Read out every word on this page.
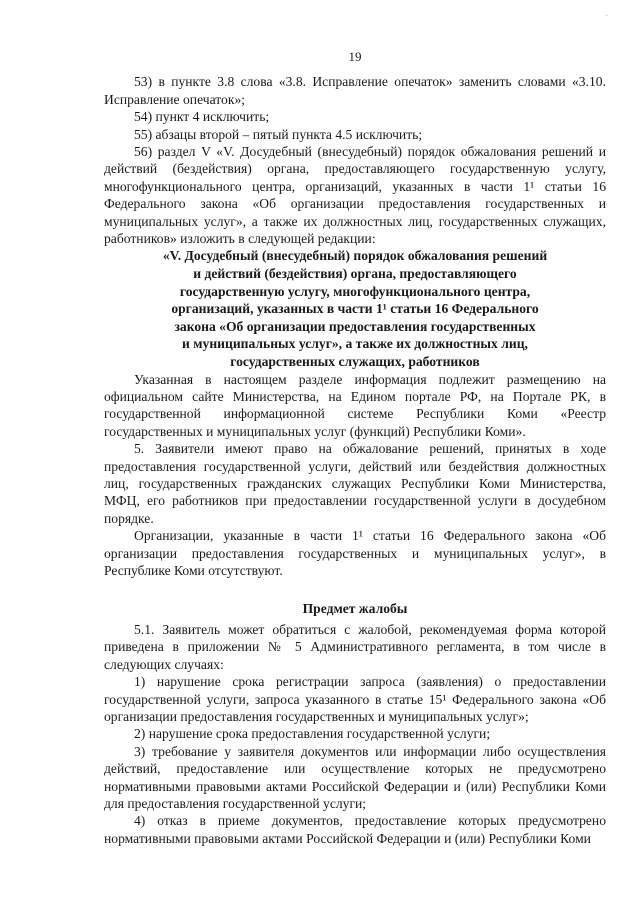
·
19

53) в пункте 3.8 слова «3.8. Исправление опечаток» заменить словами «3.10. Исправление опечаток»;

54) пункт 4 исключить;

55) абзацы второй – пятый пункта 4.5 исключить;

56) раздел V «V. Досудебный (внесудебный) порядок обжалования решений и действий (бездействия) органа, предоставляющего государственную услугу, многофункционального центра, организаций, указанных в части 1¹ статьи 16 Федерального закона «Об организации предоставления государственных и муниципальных услуг», а также их должностных лиц, государственных служащих, работников» изложить в следующей редакции:

«V. Досудебный (внесудебный) порядок обжалования решений
и действий (бездействия) органа, предоставляющего
государственную услугу, многофункционального центра,
организаций, указанных в части 1¹ статьи 16 Федерального
закона «Об организации предоставления государственных
и муниципальных услуг», а также их должностных лиц,
государственных служащих, работников

Указанная в настоящем разделе информация подлежит размещению на официальном сайте Министерства, на Едином портале РФ, на Портале РК, в государственной информационной системе Республики Коми «Реестр государственных и муниципальных услуг (функций) Республики Коми».

5. Заявители имеют право на обжалование решений, принятых в ходе предоставления государственной услуги, действий или бездействия должностных лиц, государственных гражданских служащих Республики Коми Министерства, МФЦ, его работников при предоставлении государственной услуги в досудебном порядке.

Организации, указанные в части 1¹ статьи 16 Федерального закона «Об организации предоставления государственных и муниципальных услуг», в Республике Коми отсутствуют.

Предмет жалобы

5.1. Заявитель может обратиться с жалобой, рекомендуемая форма которой приведена в приложении № 5 Административного регламента, в том числе в следующих случаях:

1) нарушение срока регистрации запроса (заявления) о предоставлении государственной услуги, запроса указанного в статье 15¹ Федерального закона «Об организации предоставления государственных и муниципальных услуг»;

2) нарушение срока предоставления государственной услуги;

3) требование у заявителя документов или информации либо осуществления действий, предоставление или осуществление которых не предусмотрено нормативными правовыми актами Российской Федерации и (или) Республики Коми для предоставления государственной услуги;

4) отказ в приеме документов, предоставление которых предусмотрено нормативными правовыми актами Российской Федерации и (или) Республики Коми
